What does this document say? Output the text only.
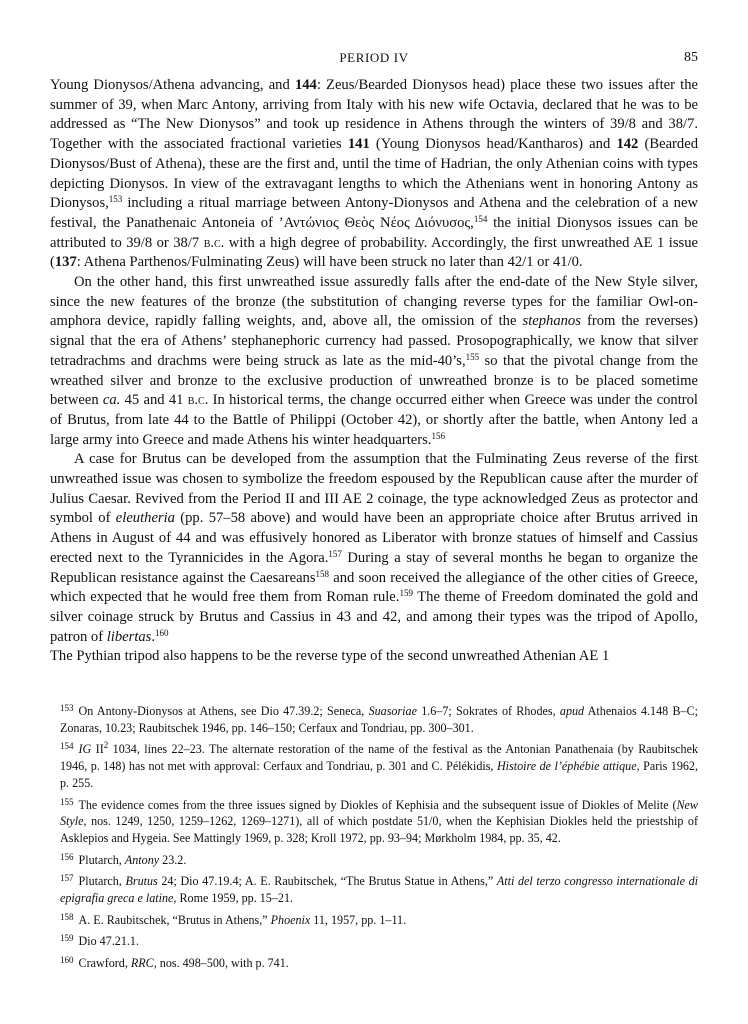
PERIOD IV	85

Young Dionysos/Athena advancing, and 144: Zeus/Bearded Dionysos head) place these two issues after the summer of 39, when Marc Antony, arriving from Italy with his new wife Octavia, declared that he was to be addressed as “The New Dionysos” and took up residence in Athens through the winters of 39/8 and 38/7. Together with the associated fractional varieties 141 (Young Dionysos head/Kantharos) and 142 (Bearded Dionysos/Bust of Athena), these are the first and, until the time of Hadrian, the only Athenian coins with types depicting Dionysos. In view of the extravagant lengths to which the Athenians went in honoring Antony as Dionysos,$^{153}$ including a ritual marriage between Antony-Dionysos and Athena and the celebration of a new festival, the Panathenaic Antoneia of ’Αντώνιος Θεὸς Νέος Διόνυσος,$^{154}$ the initial Dionysos issues can be attributed to 39/8 or 38/7 b.c. with a high degree of probability. Accordingly, the first unwreathed AE 1 issue (137: Athena Parthenos/Fulminating Zeus) will have been struck no later than 42/1 or 41/0.

On the other hand, this first unwreathed issue assuredly falls after the end-date of the New Style silver, since the new features of the bronze (the substitution of changing reverse types for the familiar Owl-on-amphora device, rapidly falling weights, and, above all, the omission of the stephanos from the reverses) signal that the era of Athens’ stephanephoric currency had passed. Prosopographically, we know that silver tetradrachms and drachms were being struck as late as the mid-40’s,$^{155}$ so that the pivotal change from the wreathed silver and bronze to the exclusive production of unwreathed bronze is to be placed sometime between ca. 45 and 41 b.c. In historical terms, the change occurred either when Greece was under the control of Brutus, from late 44 to the Battle of Philippi (October 42), or shortly after the battle, when Antony led a large army into Greece and made Athens his winter headquarters.$^{156}$

A case for Brutus can be developed from the assumption that the Fulminating Zeus reverse of the first unwreathed issue was chosen to symbolize the freedom espoused by the Republican cause after the murder of Julius Caesar. Revived from the Period II and III AE 2 coinage, the type acknowledged Zeus as protector and symbol of eleutheria (pp. 57–58 above) and would have been an appropriate choice after Brutus arrived in Athens in August of 44 and was effusively honored as Liberator with bronze statues of himself and Cassius erected next to the Tyrannicides in the Agora.$^{157}$ During a stay of several months he began to organize the Republican resistance against the Caesareans$^{158}$ and soon received the allegiance of the other cities of Greece, which expected that he would free them from Roman rule.$^{159}$ The theme of Freedom dominated the gold and silver coinage struck by Brutus and Cassius in 43 and 42, and among their types was the tripod of Apollo, patron of libertas.$^{160}$

The Pythian tripod also happens to be the reverse type of the second unwreathed Athenian AE 1

$^{153}$ On Antony-Dionysos at Athens, see Dio 47.39.2; Seneca, Suasoriae 1.6–7; Sokrates of Rhodes, apud Athenaios 4.148 B–C; Zonaras, 10.23; Raubitschek 1946, pp. 146–150; Cerfaux and Tondriau, pp. 300–301.

$^{154}$ IG $II^2$ 1034, lines 22–23. The alternate restoration of the name of the festival as the Antonian Panathenaia (by Raubitschek 1946, p. 148) has not met with approval: Cerfaux and Tondriau, p. 301 and C. Pélékidis, Histoire de l’éphébie attique, Paris 1962, p. 255.

$^{155}$ The evidence comes from the three issues signed by Diokles of Kephisia and the subsequent issue of Diokles of Melite (New Style, nos. 1249, 1250, 1259–1262, 1269–1271), all of which postdate 51/0, when the Kephisian Diokles held the priestship of Asklepios and Hygeia. See Mattingly 1969, p. 328; Kroll 1972, pp. 93–94; Mørkholm 1984, pp. 35, 42.

$^{156}$ Plutarch, Antony 23.2.

$^{157}$ Plutarch, Brutus 24; Dio 47.19.4; A. E. Raubitschek, “The Brutus Statue in Athens,” Atti del terzo congresso internationale di epigrafia greca e latine, Rome 1959, pp. 15–21.

$^{158}$ A. E. Raubitschek, “Brutus in Athens,” Phoenix 11, 1957, pp. 1–11.

$^{159}$ Dio 47.21.1.

$^{160}$ Crawford, RRC, nos. 498–500, with p. 741.
